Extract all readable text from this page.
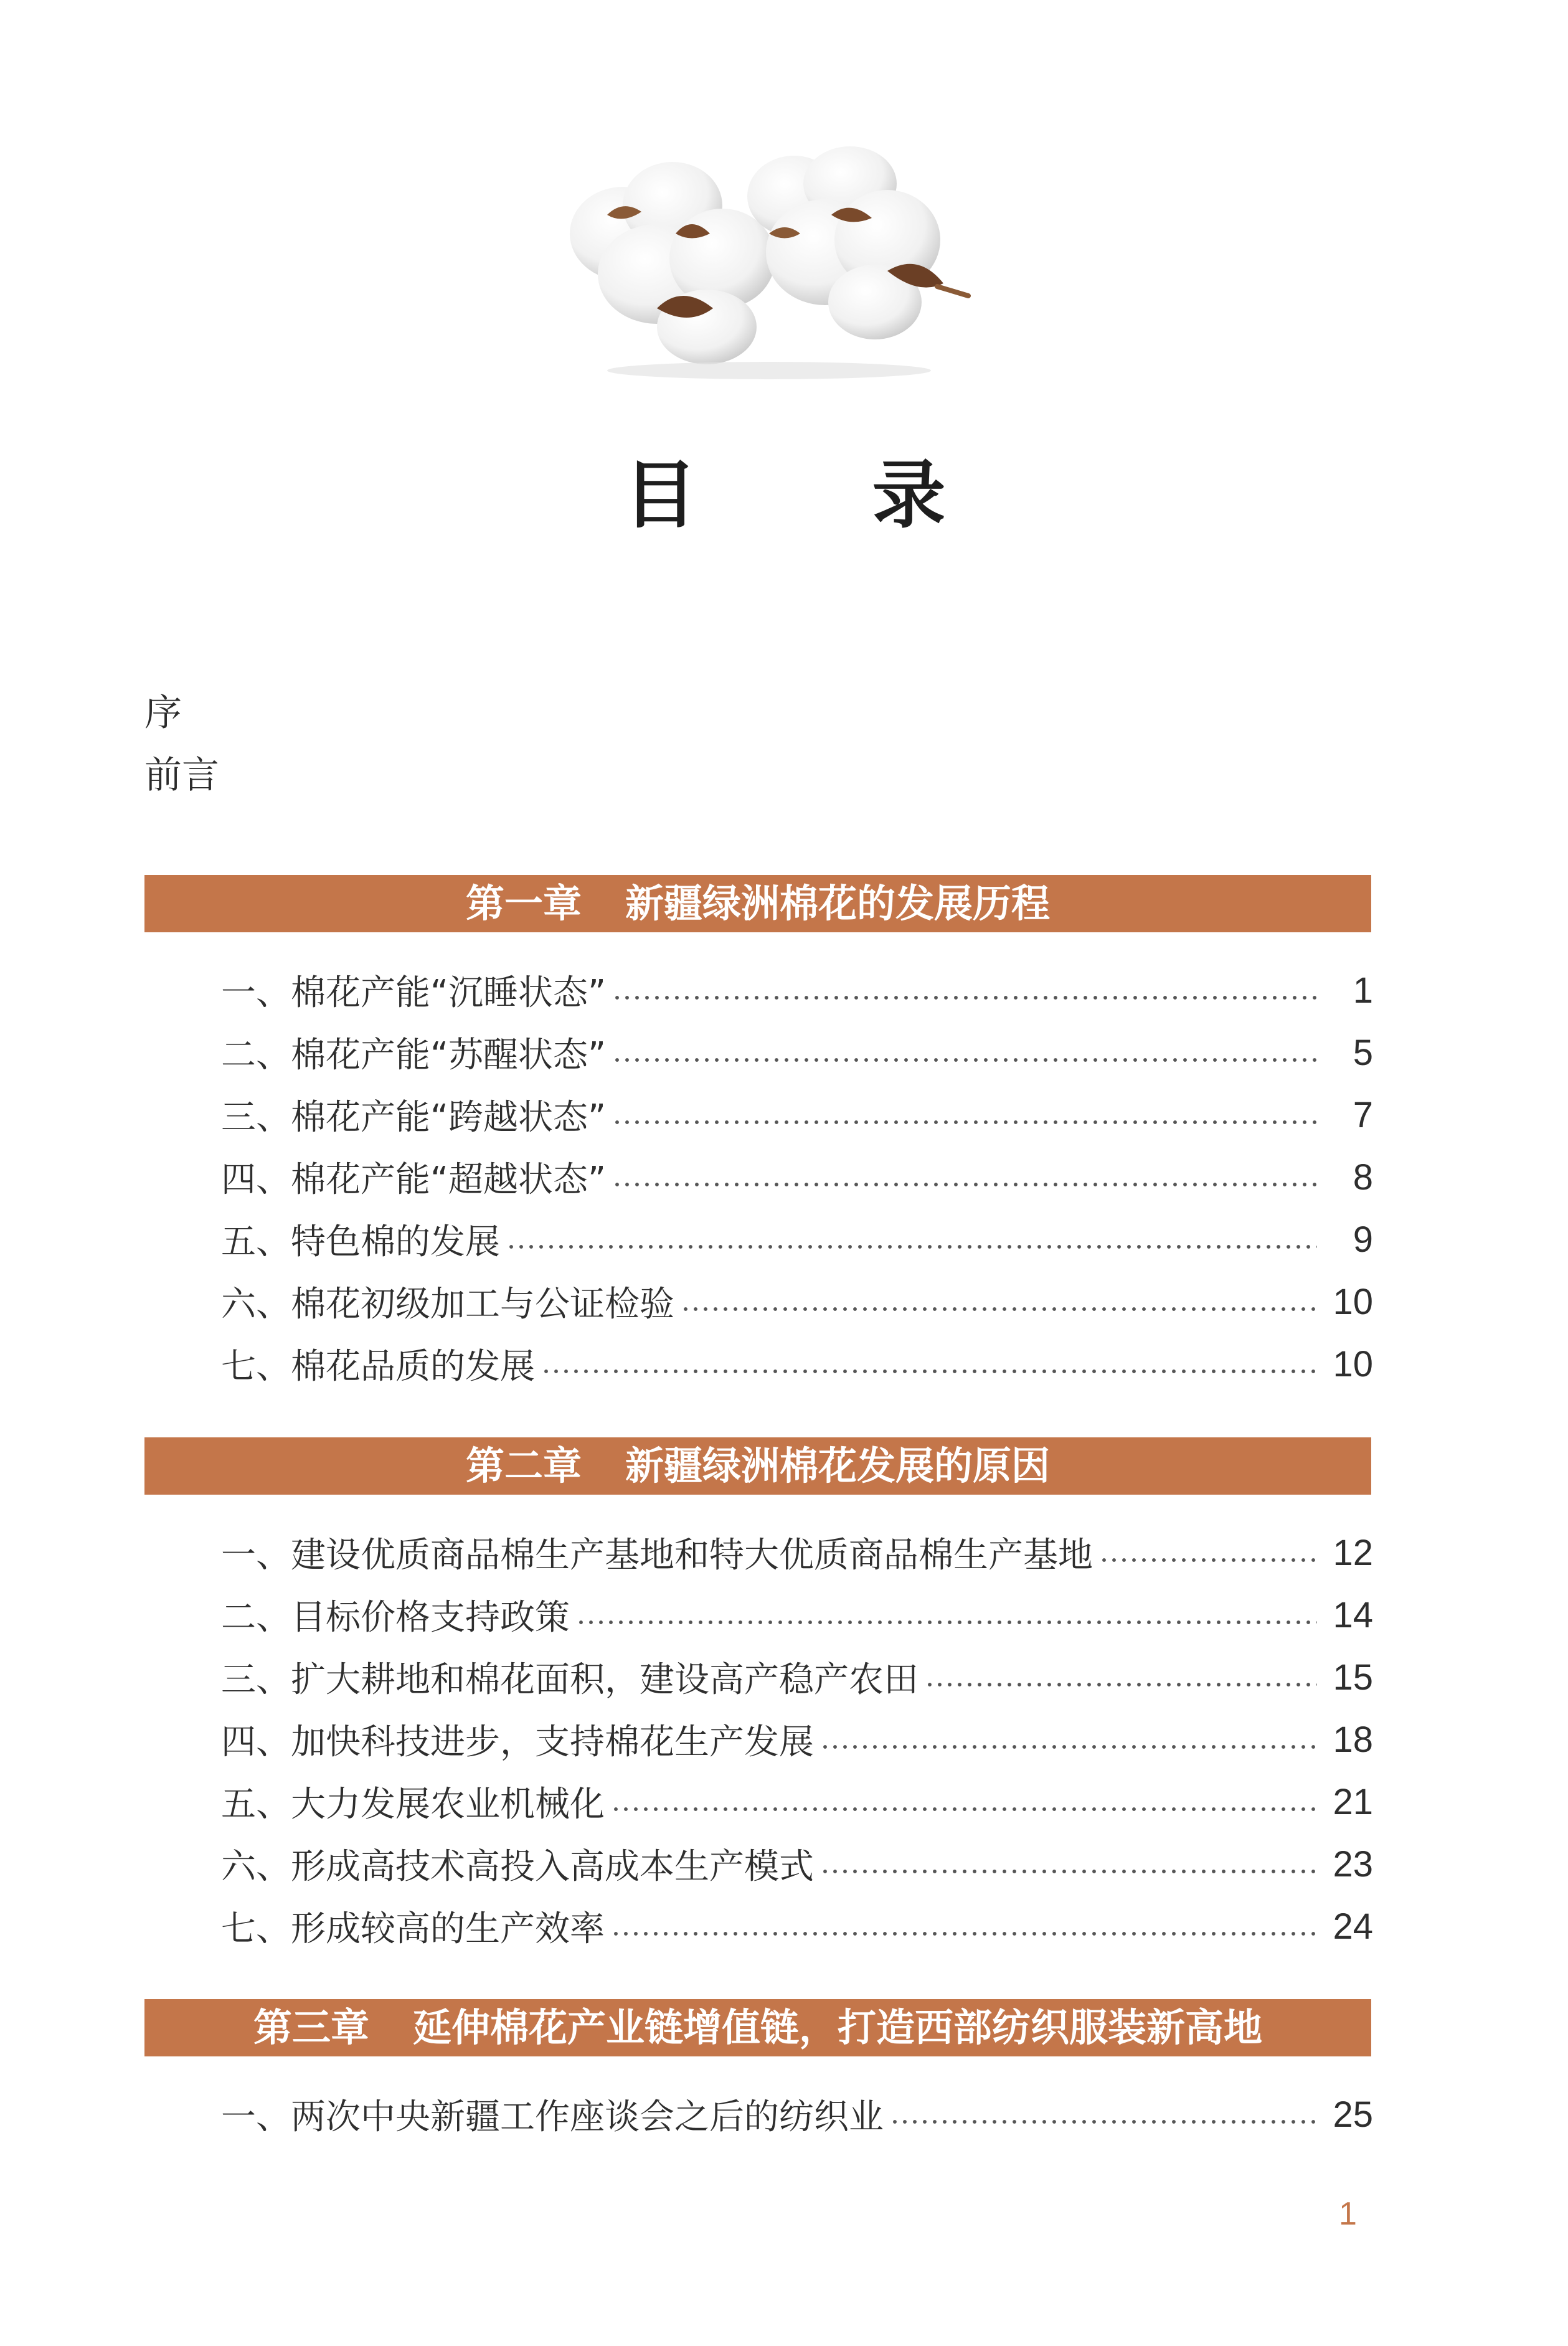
目 录
序
前言
第一章 新疆绿洲棉花的发展历程
一、棉花产能“沉睡状态”	1
二、棉花产能“苏醒状态”	5
三、棉花产能“跨越状态”	7
四、棉花产能“超越状态”	8
五、特色棉的发展	9
六、棉花初级加工与公证检验	10
七、棉花品质的发展	10
第二章 新疆绿洲棉花发展的原因
一、建设优质商品棉生产基地和特大优质商品棉生产基地	12
二、目标价格支持政策	14
三、扩大耕地和棉花面积，建设高产稳产农田	15
四、加快科技进步，支持棉花生产发展	18
五、大力发展农业机械化	21
六、形成高技术高投入高成本生产模式	23
七、形成较高的生产效率	24
第三章 延伸棉花产业链增值链，打造西部纺织服装新高地
一、两次中央新疆工作座谈会之后的纺织业	25
1
